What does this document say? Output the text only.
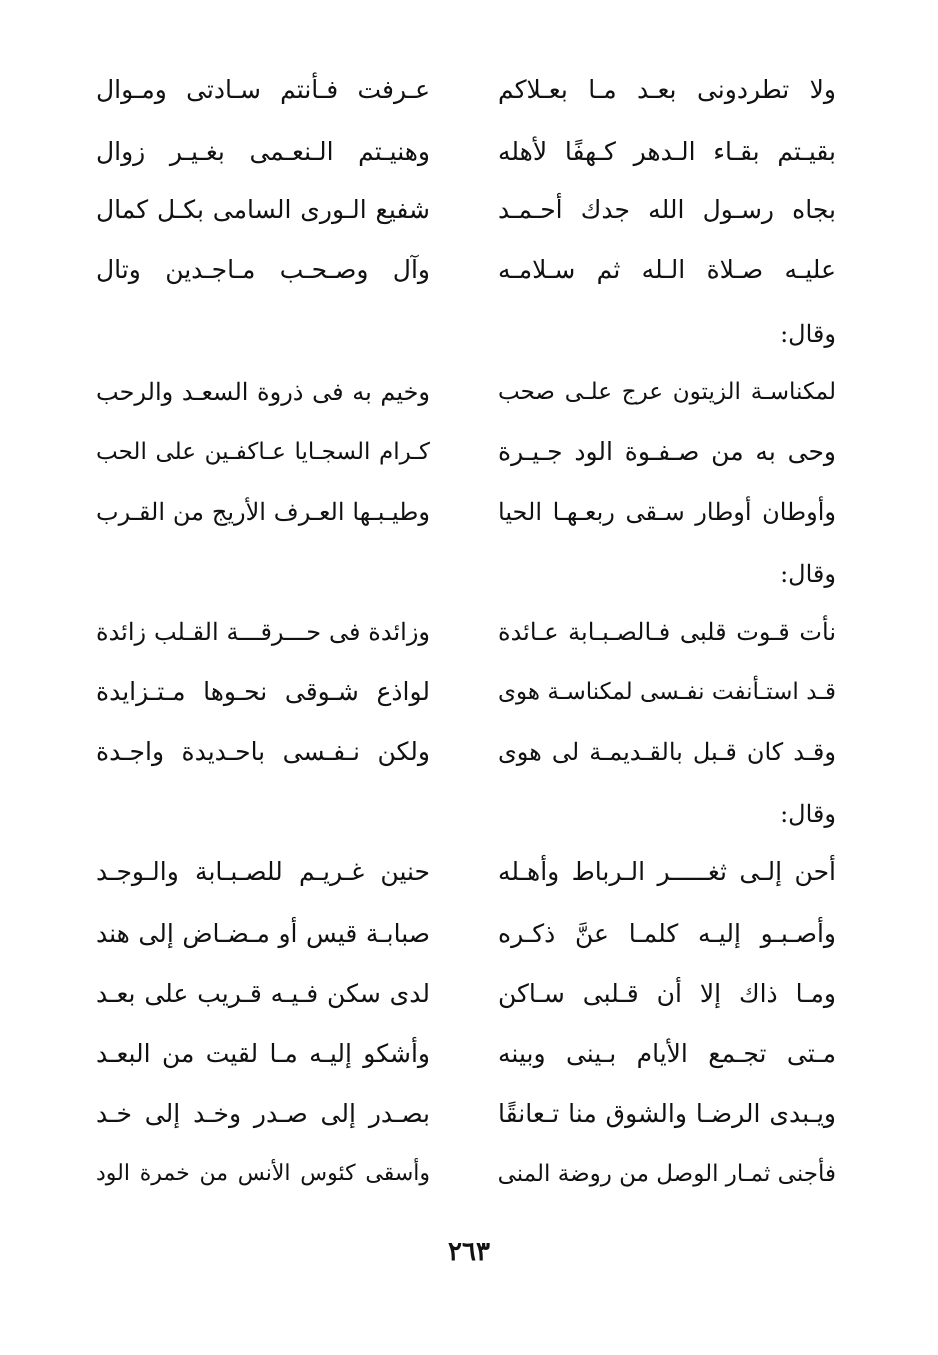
ولا تطردونى بعـد مـا بعـلاكم
عـرفت فـأنتم سـادتى ومـوال
بقيـتم بقـاء الـدهر كـهفًا لأهله
وهنيـتم الـنعـمى بغـيـر زوال
بجاه رسـول الله جدك أحـمـد
شفيع الـورى السامى بكـل كمال
عليـه صـلاة الـله ثم سـلامـه
وآل وصـحـب مـاجـدين وتال
وقال:
لمكناسـة الزيتون عرج علـى صحب
وخيم به فى ذروة السعـد والرحب
وحى به من صـفـوة الود جـيـرة
كـرام السجـايا عـاكفـين على الحب
وأوطان أوطار سـقى ربعـهـا الحيا
وطيـبـها العـرف الأريج من القـرب
وقال:
نأت قـوت قلبى فـالصـبـابة عـائدة
وزائدة فى حـــرقـــة القـلب زائدة
قـد استـأنفت نفـسى لمكناسـة هوى
لواذع شـوقى نحـوها مـتـزايدة
وقـد كان قـبل بالقـديمـة لى هوى
ولكن نـفـسى باحـديدة واجـدة
وقال:
أحن إلـى ثغـــــر الـرباط وأهـله
حنين غـريـم للصـبـابة والـوجـد
وأصـبـو إليـه كلمـا عنَّ ذكـره
صبابـة قيس أو مـضـاض إلى هند
ومـا ذاك إلا أن قـلبى سـاكن
لدى سكن فـيـه قـريب على بعـد
مـتى تجـمع الأيام بـينى وبينه
وأشكو إليـه مـا لقيت من البعـد
ويـبدى الرضـا والشوق منا تـعانقًا
بصـدر إلى صـدر وخـد إلى خـد
فأجنى ثمـار الوصل من روضة المنى
وأسقى كئوس الأنس من خمرة الود
٢٦٣
